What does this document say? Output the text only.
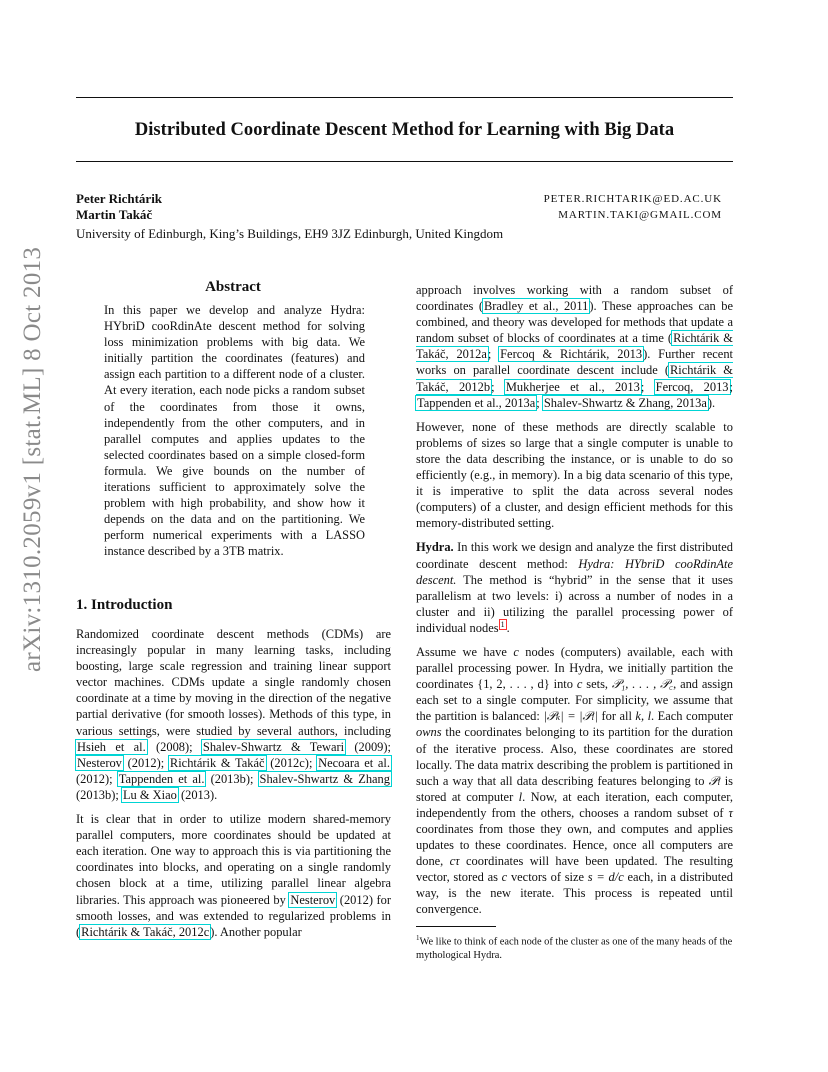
Distributed Coordinate Descent Method for Learning with Big Data
Peter Richtárik
Martin Takáč
PETER.RICHTARIK@ED.AC.UK
MARTIN.TAKI@GMAIL.COM
University of Edinburgh, King’s Buildings, EH9 3JZ Edinburgh, United Kingdom
arXiv:1310.2059v1 [stat.ML] 8 Oct 2013	Abstract

In this paper we develop and analyze Hydra: HYbriD cooRdinAte descent method for solving loss minimization problems with big data. We initially partition the coordinates (features) and assign each partition to a different node of a cluster. At every iteration, each node picks a random subset of the coordinates from those it owns, independently from the other computers, and in parallel computes and applies updates to the selected coordinates based on a simple closed-form formula. We give bounds on the number of iterations sufficient to approximately solve the problem with high probability, and show how it depends on the data and on the partitioning. We perform numerical experiments with a LASSO instance described by a 3TB matrix.

1. Introduction

Randomized coordinate descent methods (CDMs) are increasingly popular in many learning tasks, including boosting, large scale regression and training linear support vector machines. CDMs update a single randomly chosen coordinate at a time by moving in the direction of the negative partial derivative (for smooth losses). Methods of this type, in various settings, were studied by several authors, including Hsieh et al. (2008); Shalev-Shwartz & Tewari (2009); Nesterov (2012); Richtárik & Takáč (2012c); Necoara et al. (2012); Tappenden et al. (2013b); Shalev-Shwartz & Zhang (2013b); Lu & Xiao (2013).

It is clear that in order to utilize modern shared-memory parallel computers, more coordinates should be updated at each iteration. One way to approach this is via partitioning the coordinates into blocks, and operating on a single randomly chosen block at a time, utilizing parallel linear algebra libraries. This approach was pioneered by Nesterov (2012) for smooth losses, and was extended to regularized problems in (Richtárik & Takáč, 2012c). Another popular

approach involves working with a random subset of coordinates (Bradley et al., 2011). These approaches can be combined, and theory was developed for methods that update a random subset of blocks of coordinates at a time (Richtárik & Takáč, 2012a; Fercoq & Richtárik, 2013). Further recent works on parallel coordinate descent include (Richtárik & Takáč, 2012b; Mukherjee et al., 2013; Fercoq, 2013; Tappenden et al., 2013a; Shalev-Shwartz & Zhang, 2013a).

However, none of these methods are directly scalable to problems of sizes so large that a single computer is unable to store the data describing the instance, or is unable to do so efficiently (e.g., in memory). In a big data scenario of this type, it is imperative to split the data across several nodes (computers) of a cluster, and design efficient methods for this memory-distributed setting.

Hydra. In this work we design and analyze the first distributed coordinate descent method: Hydra: HYbriD cooRdinAte descent. The method is “hybrid” in the sense that it uses parallelism at two levels: i) across a number of nodes in a cluster and ii) utilizing the parallel processing power of individual nodes $^1$ .

Assume we have c nodes (computers) available, each with parallel processing power. In Hydra, we initially partition the coordinates {1, 2, . . . , d} into c sets, 𝒫₁, . . . , 𝒫꜀, and assign each set to a single computer. For simplicity, we assume that the partition is balanced: |𝒫ₖ| = |𝒫ₗ| for all k, l. Each computer owns the coordinates belonging to its partition for the duration of the iterative process. Also, these coordinates are stored locally. The data matrix describing the problem is partitioned in such a way that all data describing features belonging to 𝒫ₗ is stored at computer l. Now, at each iteration, each computer, independently from the others, chooses a random subset of τ coordinates from those they own, and computes and applies updates to these coordinates. Hence, once all computers are done, cτ coordinates will have been updated. The resulting vector, stored as c vectors of size s = d/c each, in a distributed way, is the new iterate. This process is repeated until convergence.

$^1$We like to think of each node of the cluster as one of the many heads of the mythological Hydra.
